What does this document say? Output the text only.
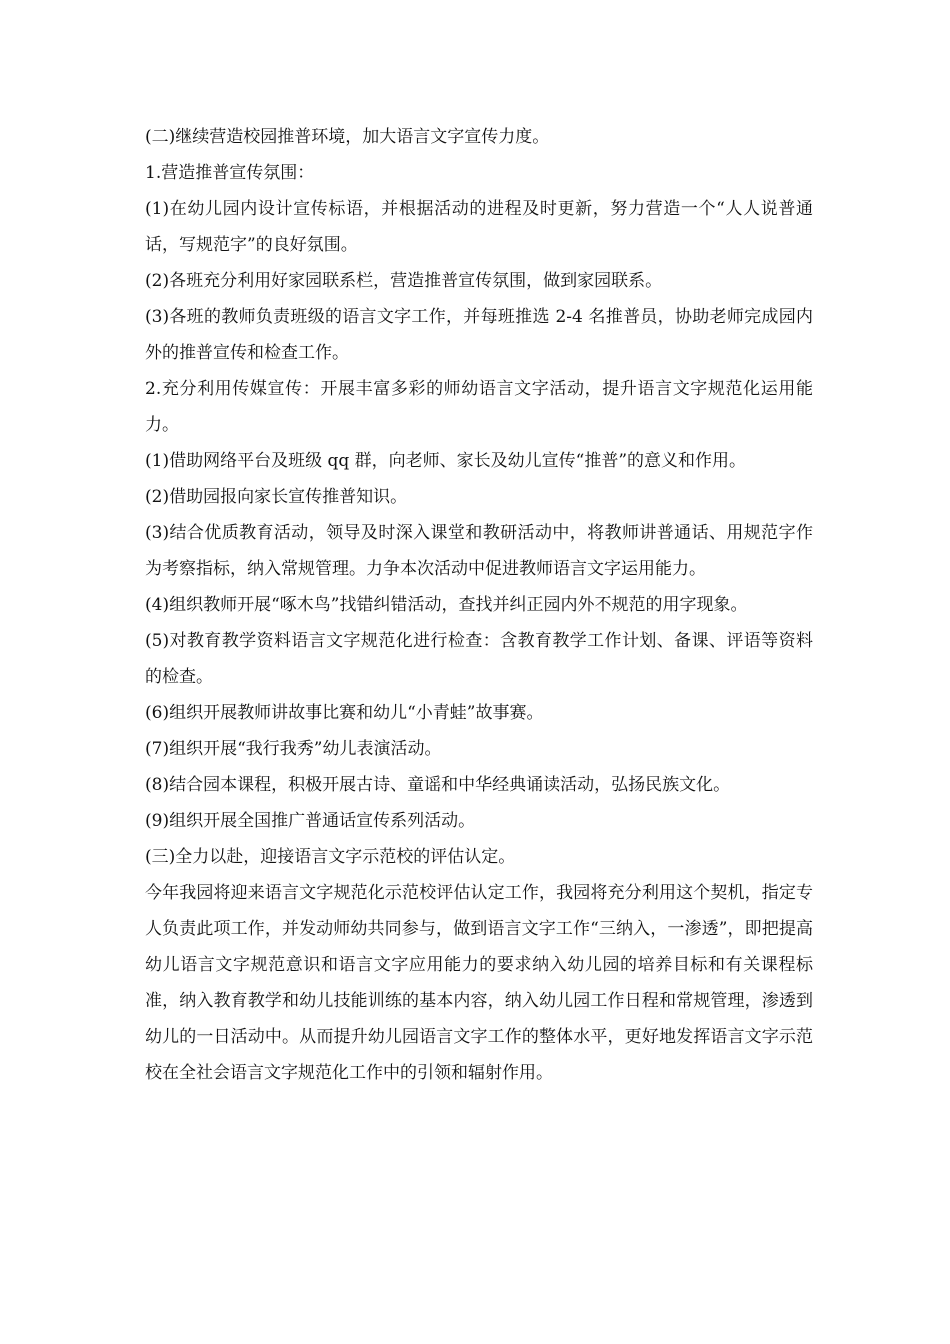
(二)继续营造校园推普环境，加大语言文字宣传力度。

1.营造推普宣传氛围：

(1)在幼儿园内设计宣传标语，并根据活动的进程及时更新，努力营造一个“人人说普通话，写规范字”的良好氛围。

(2)各班充分利用好家园联系栏，营造推普宣传氛围，做到家园联系。

(3)各班的教师负责班级的语言文字工作，并每班推选 2-4 名推普员，协助老师完成园内外的推普宣传和检查工作。

2.充分利用传媒宣传：开展丰富多彩的师幼语言文字活动，提升语言文字规范化运用能力。

(1)借助网络平台及班级 qq 群，向老师、家长及幼儿宣传“推普”的意义和作用。

(2)借助园报向家长宣传推普知识。

(3)结合优质教育活动，领导及时深入课堂和教研活动中，将教师讲普通话、用规范字作为考察指标，纳入常规管理。力争本次活动中促进教师语言文字运用能力。

(4)组织教师开展“啄木鸟”找错纠错活动，查找并纠正园内外不规范的用字现象。

(5)对教育教学资料语言文字规范化进行检查：含教育教学工作计划、备课、评语等资料的检查。

(6)组织开展教师讲故事比赛和幼儿“小青蛙”故事赛。

(7)组织开展“我行我秀”幼儿表演活动。

(8)结合园本课程，积极开展古诗、童谣和中华经典诵读活动，弘扬民族文化。

(9)组织开展全国推广普通话宣传系列活动。

(三)全力以赴，迎接语言文字示范校的评估认定。

今年我园将迎来语言文字规范化示范校评估认定工作，我园将充分利用这个契机，指定专人负责此项工作，并发动师幼共同参与，做到语言文字工作“三纳入，一渗透”，即把提高幼儿语言文字规范意识和语言文字应用能力的要求纳入幼儿园的培养目标和有关课程标准，纳入教育教学和幼儿技能训练的基本内容，纳入幼儿园工作日程和常规管理，渗透到幼儿的一日活动中。从而提升幼儿园语言文字工作的整体水平，更好地发挥语言文字示范校在全社会语言文字规范化工作中的引领和辐射作用。
